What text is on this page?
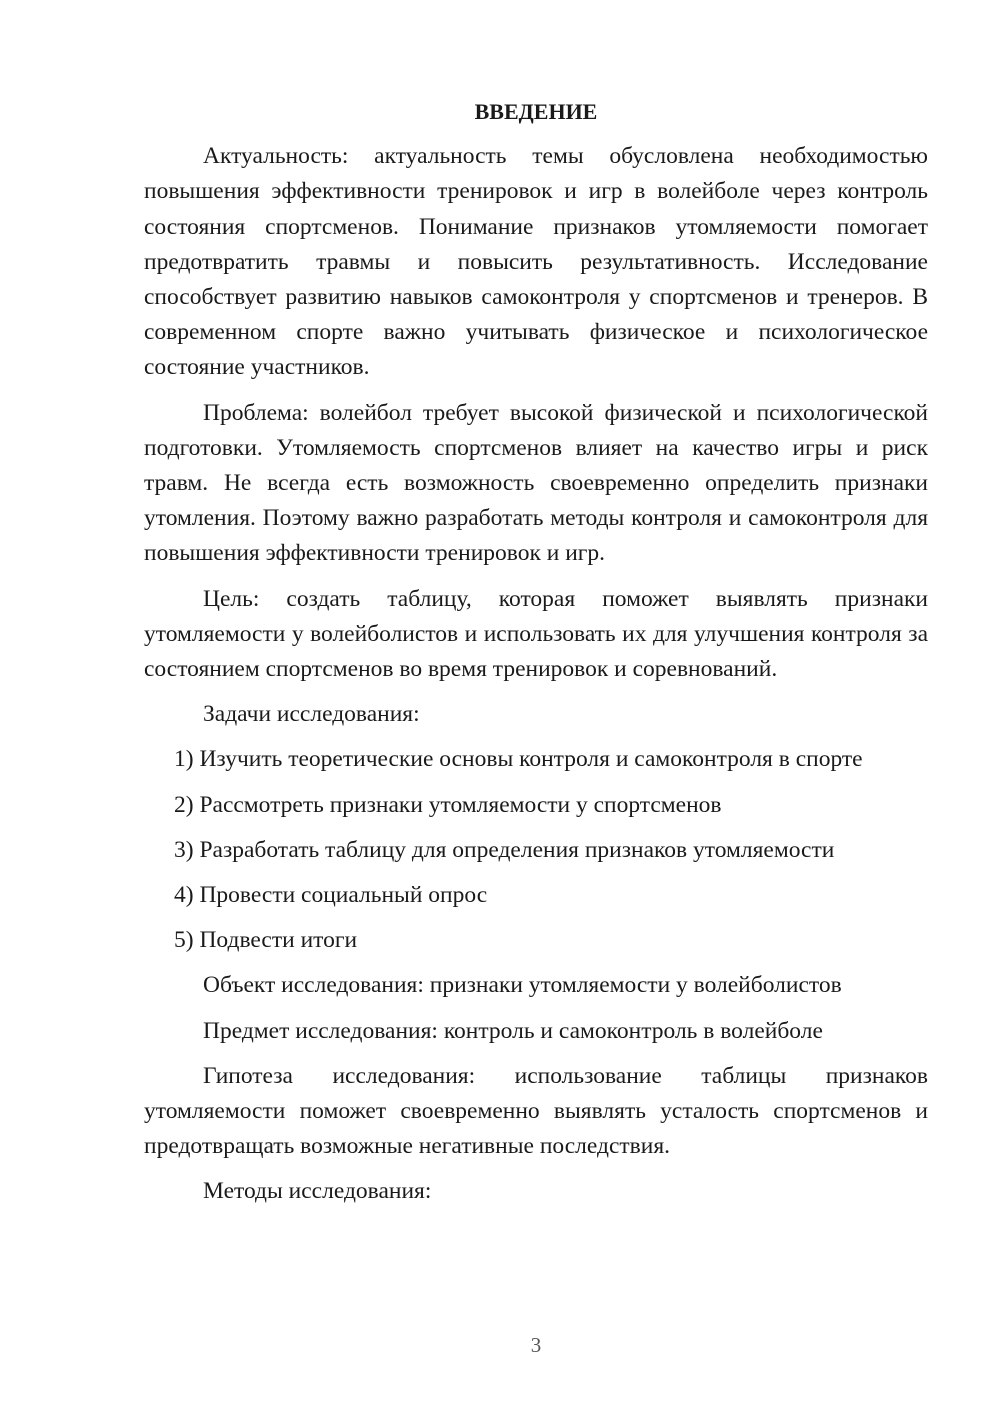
ВВЕДЕНИЕ

Актуальность: актуальность темы обусловлена необходимостью повышения эффективности тренировок и игр в волейболе через контроль состояния спортсменов. Понимание признаков утомляемости помогает предотвратить травмы и повысить результативность. Исследование способствует развитию навыков самоконтроля у спортсменов и тренеров. В современном спорте важно учитывать физическое и психологическое состояние участников.

Проблема: волейбол требует высокой физической и психологической подготовки. Утомляемость спортсменов влияет на качество игры и риск травм. Не всегда есть возможность своевременно определить признаки утомления. Поэтому важно разработать методы контроля и самоконтроля для повышения эффективности тренировок и игр.

Цель: создать таблицу, которая поможет выявлять признаки утомляемости у волейболистов и использовать их для улучшения контроля за состоянием спортсменов во время тренировок и соревнований.

Задачи исследования:

1) Изучить теоретические основы контроля и самоконтроля в спорте
2) Рассмотреть признаки утомляемости у спортсменов
3) Разработать таблицу для определения признаков утомляемости
4) Провести социальный опрос
5) Подвести итоги

Объект исследования: признаки утомляемости у волейболистов

Предмет исследования: контроль и самоконтроль в волейболе

Гипотеза исследования: использование таблицы признаков утомляемости поможет своевременно выявлять усталость спортсменов и предотвращать возможные негативные последствия.

Методы исследования:

3
